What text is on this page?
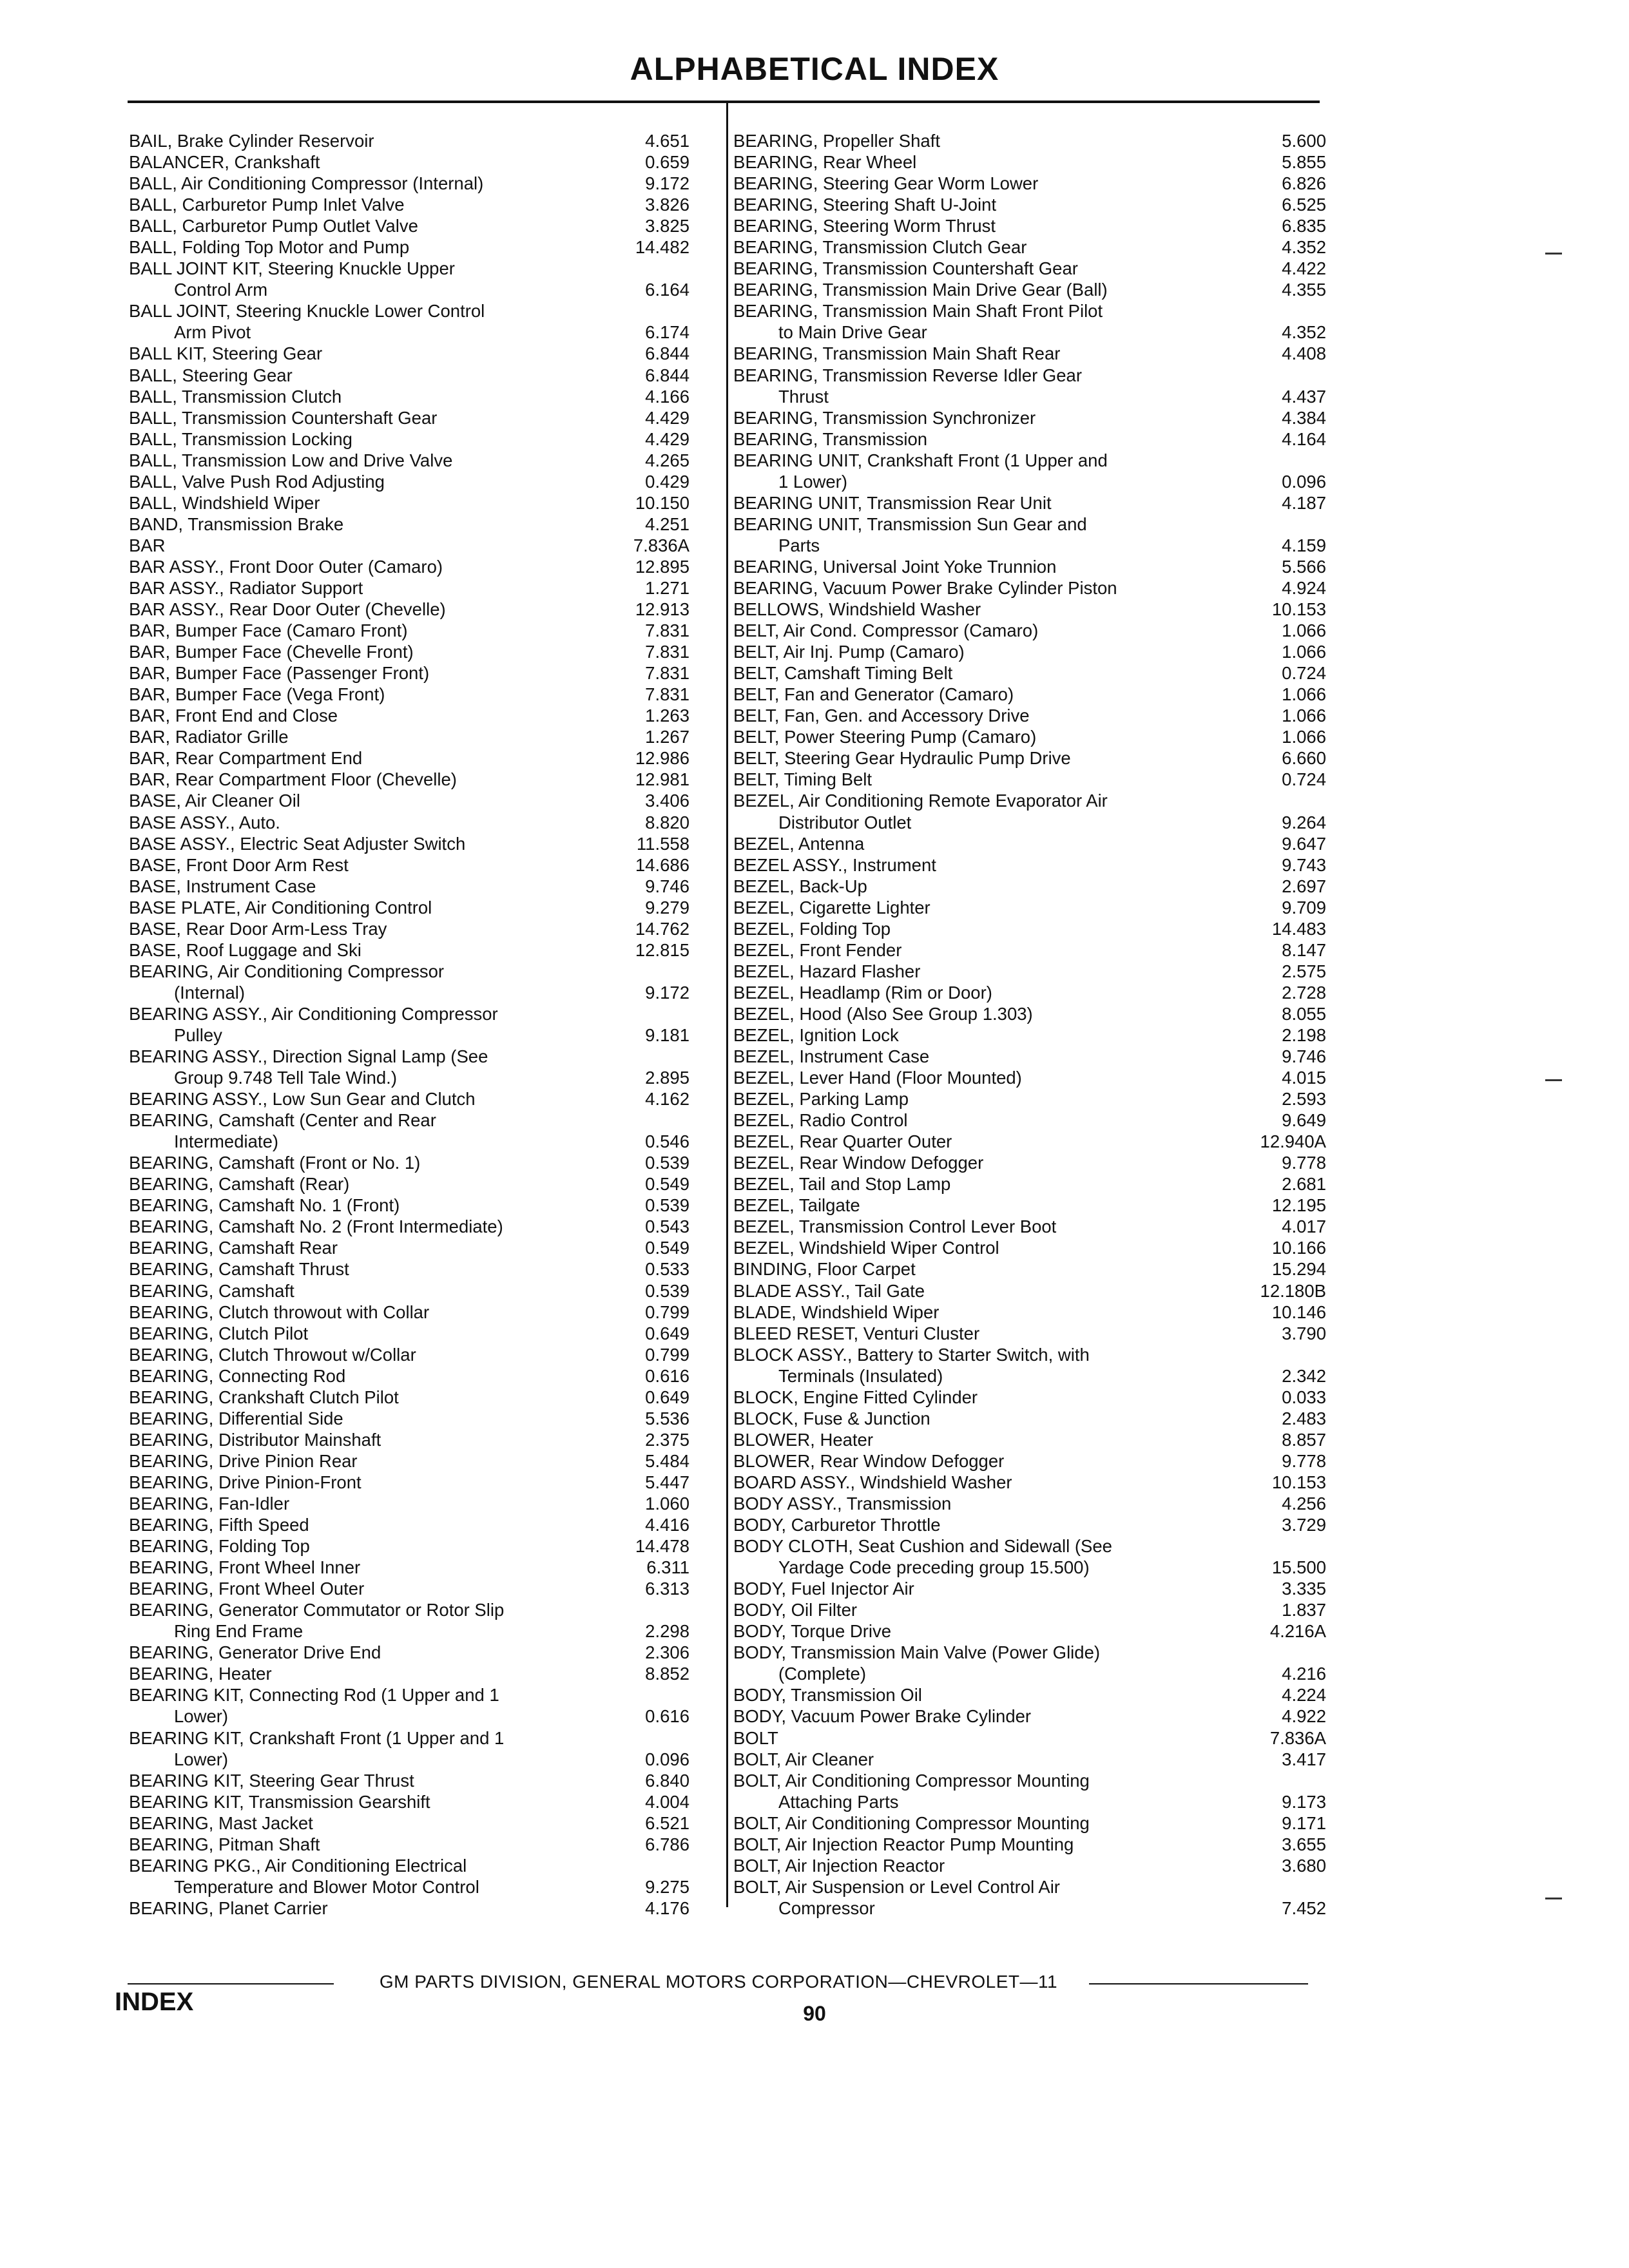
ALPHABETICAL INDEX
BAIL, Brake Cylinder Reservoir	4.651
BALANCER, Crankshaft	0.659
BALL, Air Conditioning Compressor (Internal)	9.172
BALL, Carburetor Pump Inlet Valve	3.826
BALL, Carburetor Pump Outlet Valve	3.825
BALL, Folding Top Motor and Pump	14.482
BALL JOINT KIT, Steering Knuckle Upper
Control Arm	6.164
BALL JOINT, Steering Knuckle Lower Control
Arm Pivot	6.174
BALL KIT, Steering Gear	6.844
BALL, Steering Gear	6.844
BALL, Transmission Clutch	4.166
BALL, Transmission Countershaft Gear	4.429
BALL, Transmission Locking	4.429
BALL, Transmission Low and Drive Valve	4.265
BALL, Valve Push Rod Adjusting	0.429
BALL, Windshield Wiper	10.150
BAND, Transmission Brake	4.251
BAR	7.836A
BAR ASSY., Front Door Outer (Camaro)	12.895
BAR ASSY., Radiator Support	1.271
BAR ASSY., Rear Door Outer (Chevelle)	12.913
BAR, Bumper Face (Camaro Front)	7.831
BAR, Bumper Face (Chevelle Front)	7.831
BAR, Bumper Face (Passenger Front)	7.831
BAR, Bumper Face (Vega Front)	7.831
BAR, Front End and Close	1.263
BAR, Radiator Grille	1.267
BAR, Rear Compartment End	12.986
BAR, Rear Compartment Floor (Chevelle)	12.981
BASE, Air Cleaner Oil	3.406
BASE ASSY., Auto.	8.820
BASE ASSY., Electric Seat Adjuster Switch	11.558
BASE, Front Door Arm Rest	14.686
BASE, Instrument Case	9.746
BASE PLATE, Air Conditioning Control	9.279
BASE, Rear Door Arm-Less Tray	14.762
BASE, Roof Luggage and Ski	12.815
BEARING, Air Conditioning Compressor
(Internal)	9.172
BEARING ASSY., Air Conditioning Compressor
Pulley	9.181
BEARING ASSY., Direction Signal Lamp (See
Group 9.748 Tell Tale Wind.)	2.895
BEARING ASSY., Low Sun Gear and Clutch	4.162
BEARING, Camshaft (Center and Rear
Intermediate)	0.546
BEARING, Camshaft (Front or No. 1)	0.539
BEARING, Camshaft (Rear)	0.549
BEARING, Camshaft No. 1 (Front)	0.539
BEARING, Camshaft No. 2 (Front Intermediate)	0.543
BEARING, Camshaft Rear	0.549
BEARING, Camshaft Thrust	0.533
BEARING, Camshaft	0.539
BEARING, Clutch throwout with Collar	0.799
BEARING, Clutch Pilot	0.649
BEARING, Clutch Throwout w/Collar	0.799
BEARING, Connecting Rod	0.616
BEARING, Crankshaft Clutch Pilot	0.649
BEARING, Differential Side	5.536
BEARING, Distributor Mainshaft	2.375
BEARING, Drive Pinion Rear	5.484
BEARING, Drive Pinion-Front	5.447
BEARING, Fan-Idler	1.060
BEARING, Fifth Speed	4.416
BEARING, Folding Top	14.478
BEARING, Front Wheel Inner	6.311
BEARING, Front Wheel Outer	6.313
BEARING, Generator Commutator or Rotor Slip
Ring End Frame	2.298
BEARING, Generator Drive End	2.306
BEARING, Heater	8.852
BEARING KIT, Connecting Rod (1 Upper and 1
Lower)	0.616
BEARING KIT, Crankshaft Front (1 Upper and 1
Lower)	0.096
BEARING KIT, Steering Gear Thrust	6.840
BEARING KIT, Transmission Gearshift	4.004
BEARING, Mast Jacket	6.521
BEARING, Pitman Shaft	6.786
BEARING PKG., Air Conditioning Electrical
Temperature and Blower Motor Control	9.275
BEARING, Planet Carrier	4.176
BEARING, Propeller Shaft	5.600
BEARING, Rear Wheel	5.855
BEARING, Steering Gear Worm Lower	6.826
BEARING, Steering Shaft U-Joint	6.525
BEARING, Steering Worm Thrust	6.835
BEARING, Transmission Clutch Gear	4.352
BEARING, Transmission Countershaft Gear	4.422
BEARING, Transmission Main Drive Gear (Ball)	4.355
BEARING, Transmission Main Shaft Front Pilot
to Main Drive Gear	4.352
BEARING, Transmission Main Shaft Rear	4.408
BEARING, Transmission Reverse Idler Gear
Thrust	4.437
BEARING, Transmission Synchronizer	4.384
BEARING, Transmission	4.164
BEARING UNIT, Crankshaft Front (1 Upper and
1 Lower)	0.096
BEARING UNIT, Transmission Rear Unit	4.187
BEARING UNIT, Transmission Sun Gear and
Parts	4.159
BEARING, Universal Joint Yoke Trunnion	5.566
BEARING, Vacuum Power Brake Cylinder Piston	4.924
BELLOWS, Windshield Washer	10.153
BELT, Air Cond. Compressor (Camaro)	1.066
BELT, Air Inj. Pump (Camaro)	1.066
BELT, Camshaft Timing Belt	0.724
BELT, Fan and Generator (Camaro)	1.066
BELT, Fan, Gen. and Accessory Drive	1.066
BELT, Power Steering Pump (Camaro)	1.066
BELT, Steering Gear Hydraulic Pump Drive	6.660
BELT, Timing Belt	0.724
BEZEL, Air Conditioning Remote Evaporator Air
Distributor Outlet	9.264
BEZEL, Antenna	9.647
BEZEL ASSY., Instrument	9.743
BEZEL, Back-Up	2.697
BEZEL, Cigarette Lighter	9.709
BEZEL, Folding Top	14.483
BEZEL, Front Fender	8.147
BEZEL, Hazard Flasher	2.575
BEZEL, Headlamp (Rim or Door)	2.728
BEZEL, Hood (Also See Group 1.303)	8.055
BEZEL, Ignition Lock	2.198
BEZEL, Instrument Case	9.746
BEZEL, Lever Hand (Floor Mounted)	4.015
BEZEL, Parking Lamp	2.593
BEZEL, Radio Control	9.649
BEZEL, Rear Quarter Outer	12.940A
BEZEL, Rear Window Defogger	9.778
BEZEL, Tail and Stop Lamp	2.681
BEZEL, Tailgate	12.195
BEZEL, Transmission Control Lever Boot	4.017
BEZEL, Windshield Wiper Control	10.166
BINDING, Floor Carpet	15.294
BLADE ASSY., Tail Gate	12.180B
BLADE, Windshield Wiper	10.146
BLEED RESET, Venturi Cluster	3.790
BLOCK ASSY., Battery to Starter Switch, with
Terminals (Insulated)	2.342
BLOCK, Engine Fitted Cylinder	0.033
BLOCK, Fuse & Junction	2.483
BLOWER, Heater	8.857
BLOWER, Rear Window Defogger	9.778
BOARD ASSY., Windshield Washer	10.153
BODY ASSY., Transmission	4.256
BODY, Carburetor Throttle	3.729
BODY CLOTH, Seat Cushion and Sidewall (See
Yardage Code preceding group 15.500)	15.500
BODY, Fuel Injector Air	3.335
BODY, Oil Filter	1.837
BODY, Torque Drive	4.216A
BODY, Transmission Main Valve (Power Glide)
(Complete)	4.216
BODY, Transmission Oil	4.224
BODY, Vacuum Power Brake Cylinder	4.922
BOLT	7.836A
BOLT, Air Cleaner	3.417
BOLT, Air Conditioning Compressor Mounting
Attaching Parts	9.173
BOLT, Air Conditioning Compressor Mounting	9.171
BOLT, Air Injection Reactor Pump Mounting	3.655
BOLT, Air Injection Reactor	3.680
BOLT, Air Suspension or Level Control Air
Compressor	7.452
GM PARTS DIVISION, GENERAL MOTORS CORPORATION—CHEVROLET—11
INDEX	90
